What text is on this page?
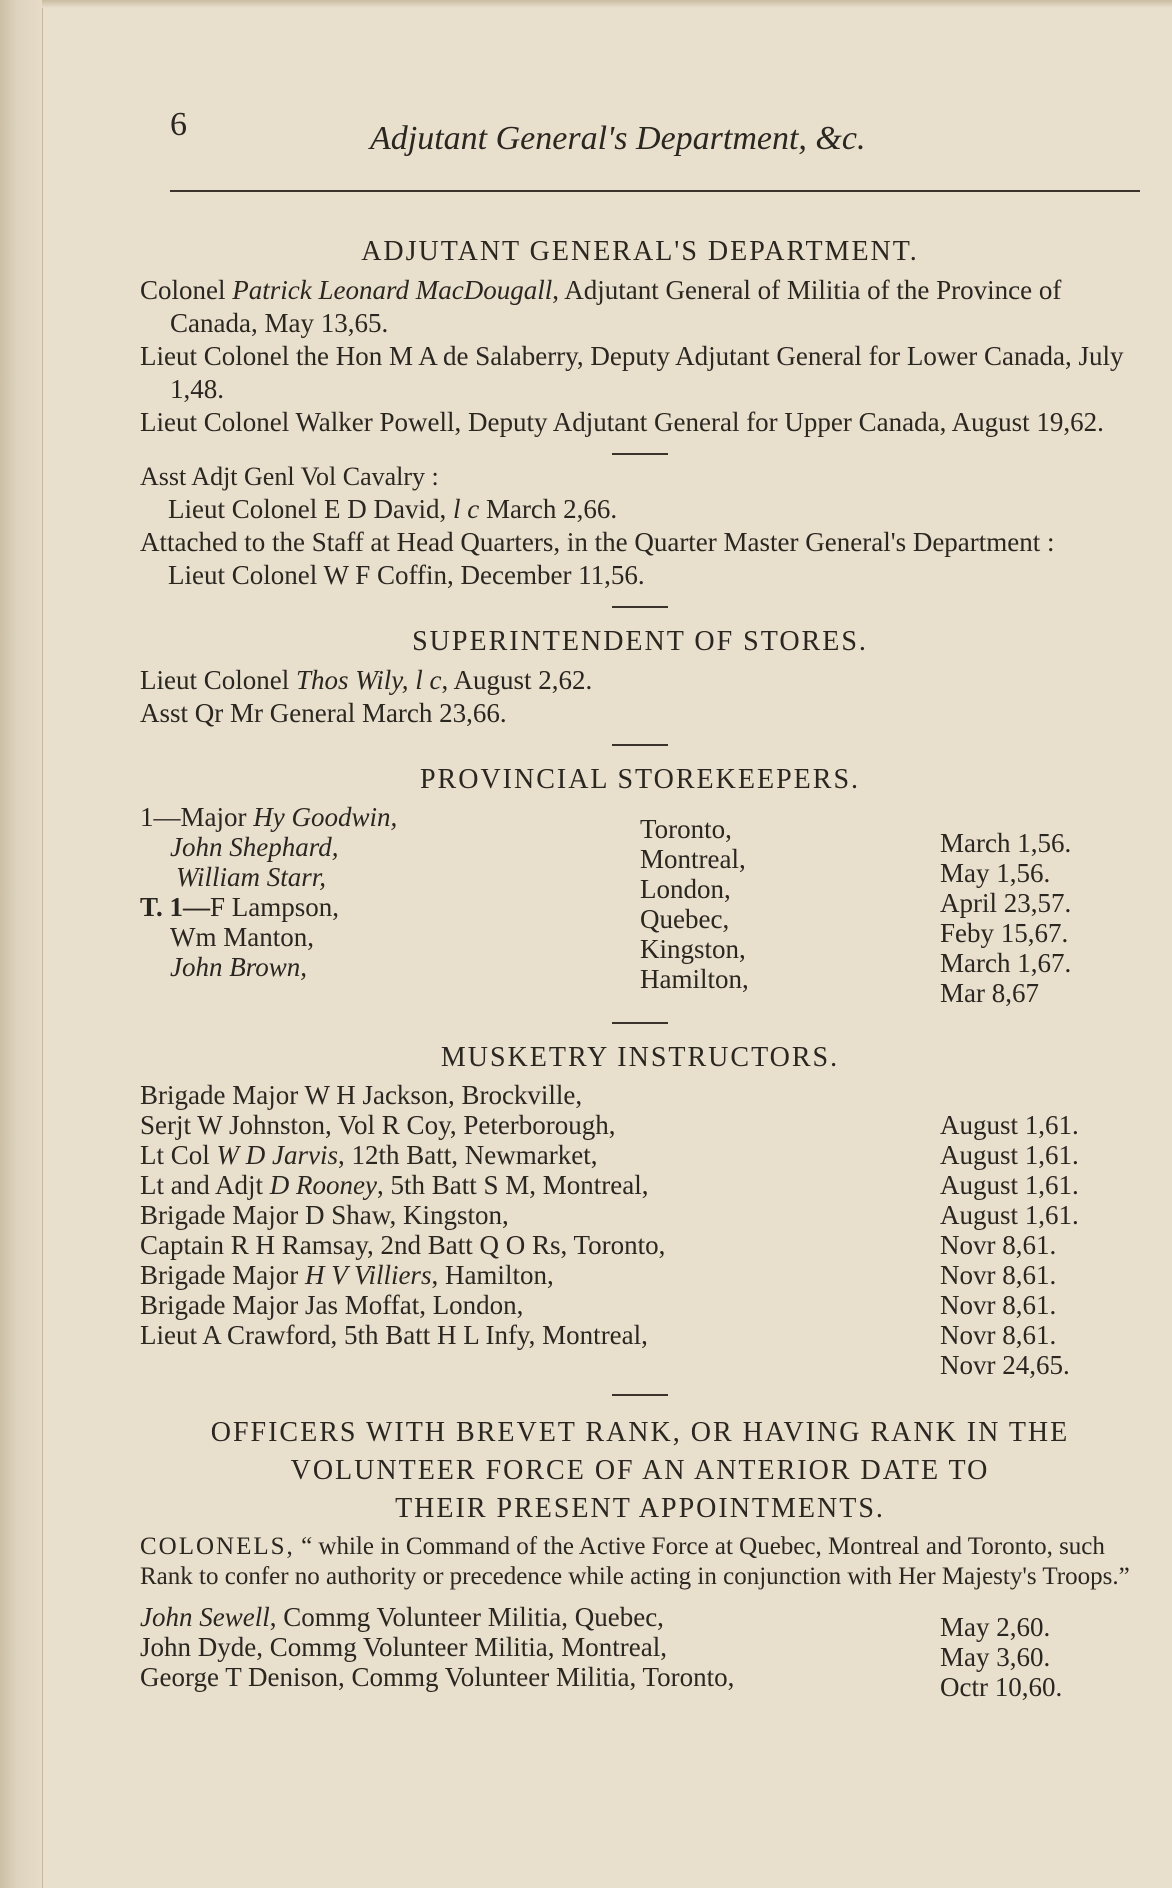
6	Adjutant General's Department, &c.

ADJUTANT GENERAL'S DEPARTMENT.

Colonel Patrick Leonard MacDougall, Adjutant General of Militia of the Province of Canada, May 13,65.

Lieut Colonel the Hon M A de Salaberry, Deputy Adjutant General for Lower Canada, July 1,48.

Lieut Colonel Walker Powell, Deputy Adjutant General for Upper Canada, August 19,62.

Asst Adjt Genl Vol Cavalry :

Lieut Colonel E D David, l c March 2,66.

Attached to the Staff at Head Quarters, in the Quarter Master General's Department :

Lieut Colonel W F Coffin, December 11,56.

SUPERINTENDENT OF STORES.

Lieut Colonel Thos Wily, l c, August 2,62.

Asst Qr Mr General March 23,66.

PROVINCIAL STOREKEEPERS.

1—Major Hy Goodwin,
John Shephard,
William Starr,
T. 1—F Lampson,
Wm Manton,
John Brown,
Toronto,
Montreal,
London,
Quebec,
Kingston,
Hamilton,
March 1,56.
May 1,56.
April 23,57.
Feby 15,67.
March 1,67.
Mar 8,67

MUSKETRY INSTRUCTORS.

Brigade Major W H Jackson, Brockville,
Serjt W Johnston, Vol R Coy, Peterborough,
Lt Col W D Jarvis, 12th Batt, Newmarket,
Lt and Adjt D Rooney, 5th Batt S M, Montreal,
Brigade Major D Shaw, Kingston,
Captain R H Ramsay, 2nd Batt Q O Rs, Toronto,
Brigade Major H V Villiers, Hamilton,
Brigade Major Jas Moffat, London,
Lieut A Crawford, 5th Batt H L Infy, Montreal,
August 1,61.
August 1,61.
August 1,61.
August 1,61.
Novr 8,61.
Novr 8,61.
Novr 8,61.
Novr 8,61.
Novr 24,65.

OFFICERS WITH BREVET RANK, OR HAVING RANK IN THE

VOLUNTEER FORCE OF AN ANTERIOR DATE TO

THEIR PRESENT APPOINTMENTS.

COLONELS, “ while in Command of the Active Force at Quebec, Montreal and Toronto, such Rank to confer no authority or precedence while acting in conjunction with Her Majesty's Troops.”

John Sewell, Commg Volunteer Militia, Quebec,
John Dyde, Commg Volunteer Militia, Montreal,
George T Denison, Commg Volunteer Militia, Toronto,
May 2,60.
May 3,60.
Octr 10,60.
